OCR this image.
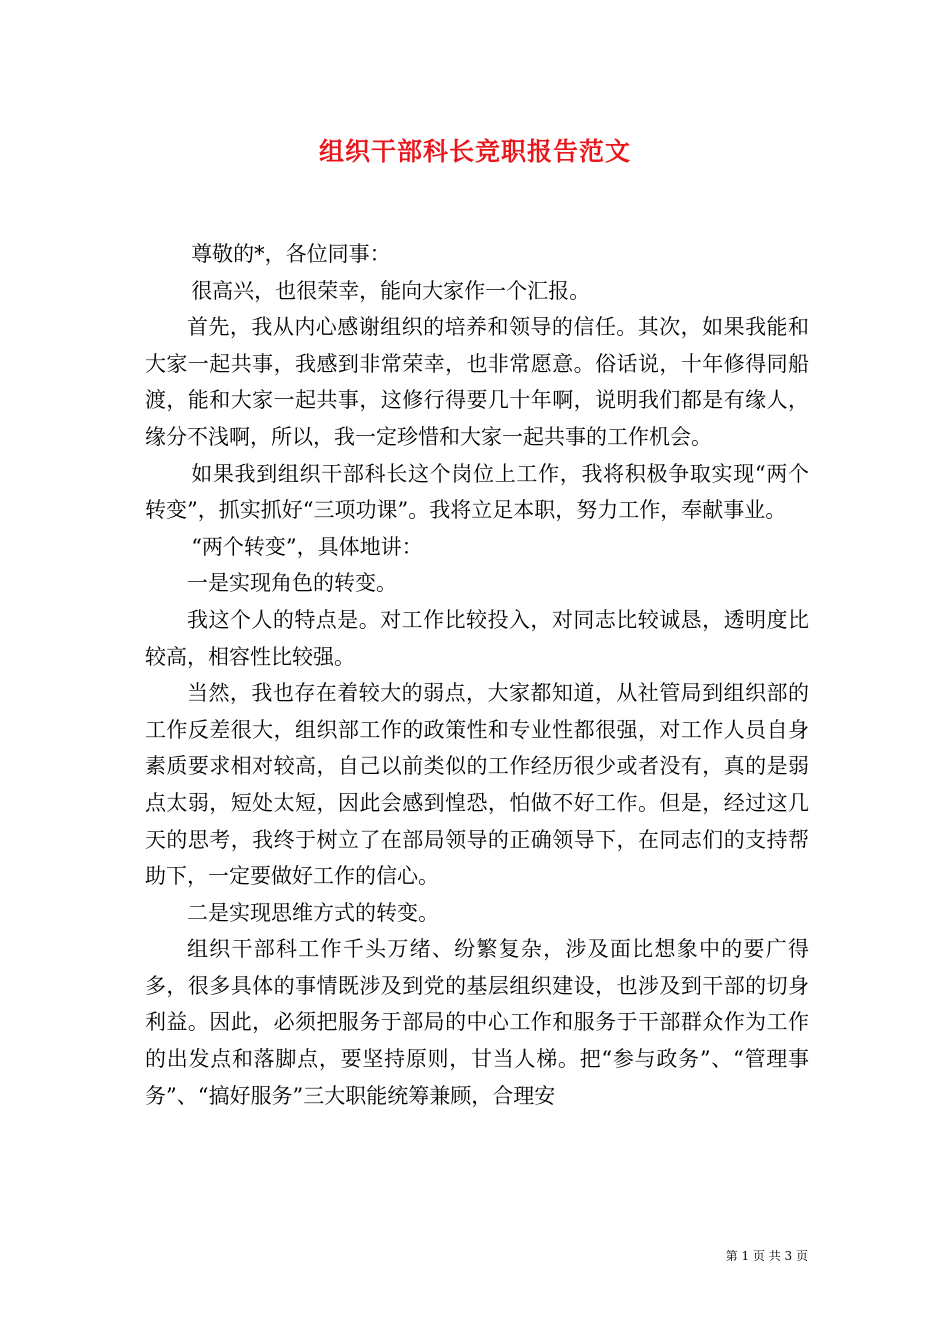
组织干部科长竞职报告范文

尊敬的*，各位同事：

很高兴，也很荣幸，能向大家作一个汇报。

首先，我从内心感谢组织的培养和领导的信任。其次，如果我能和大家一起共事，我感到非常荣幸，也非常愿意。俗话说，十年修得同船渡，能和大家一起共事，这修行得要几十年啊，说明我们都是有缘人，缘分不浅啊，所以，我一定珍惜和大家一起共事的工作机会。

如果我到组织干部科长这个岗位上工作，我将积极争取实现“两个转变”，抓实抓好“三项功课”。我将立足本职，努力工作，奉献事业。

“两个转变”，具体地讲：

一是实现角色的转变。

我这个人的特点是。对工作比较投入，对同志比较诚恳，透明度比较高，相容性比较强。

当然，我也存在着较大的弱点，大家都知道，从社管局到组织部的工作反差很大，组织部工作的政策性和专业性都很强，对工作人员自身素质要求相对较高，自己以前类似的工作经历很少或者没有，真的是弱点太弱，短处太短，因此会感到惶恐，怕做不好工作。但是，经过这几天的思考，我终于树立了在部局领导的正确领导下，在同志们的支持帮助下，一定要做好工作的信心。

二是实现思维方式的转变。

组织干部科工作千头万绪、纷繁复杂，涉及面比想象中的要广得多，很多具体的事情既涉及到党的基层组织建设，也涉及到干部的切身利益。因此，必须把服务于部局的中心工作和服务于干部群众作为工作的出发点和落脚点，要坚持原则，甘当人梯。把“参与政务”、“管理事务”、“搞好服务”三大职能统筹兼顾，合理安

第 1 页 共 3 页
